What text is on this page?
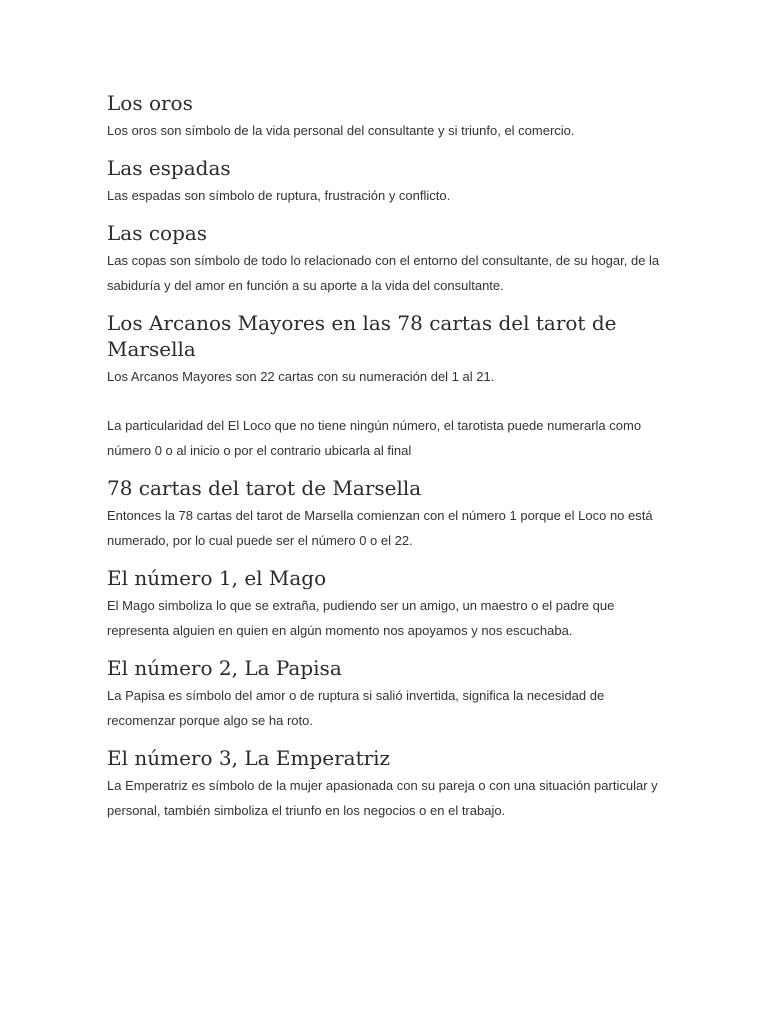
Los oros

Los oros son símbolo de la vida personal del consultante y si triunfo, el comercio.

Las espadas

Las espadas son símbolo de ruptura, frustración y conflicto.

Las copas

Las copas son símbolo de todo lo relacionado con el entorno del consultante, de su hogar, de la sabiduría y del amor en función a su aporte a la vida del consultante.

Los Arcanos Mayores en las 78 cartas del tarot de Marsella

Los Arcanos Mayores son 22 cartas con su numeración del 1 al 21.

La particularidad del El Loco que no tiene ningún número, el tarotista puede numerarla como número 0 o al inicio o por el contrario ubicarla al final

78 cartas del tarot de Marsella

Entonces la 78 cartas del tarot de Marsella comienzan con el número 1 porque el Loco no está numerado, por lo cual puede ser el número 0 o el 22.

El número 1, el Mago

El Mago simboliza lo que se extraña, pudiendo ser un amigo, un maestro o el padre que representa alguien en quien en algún momento nos apoyamos y nos escuchaba.

El número 2, La Papisa

La Papisa es símbolo del amor o de ruptura si salió invertida, significa la necesidad de recomenzar porque algo se ha roto.

El número 3, La Emperatriz

La Emperatriz es símbolo de la mujer apasionada con su pareja o con una situación particular y personal, también simboliza el triunfo en los negocios o en el trabajo.
